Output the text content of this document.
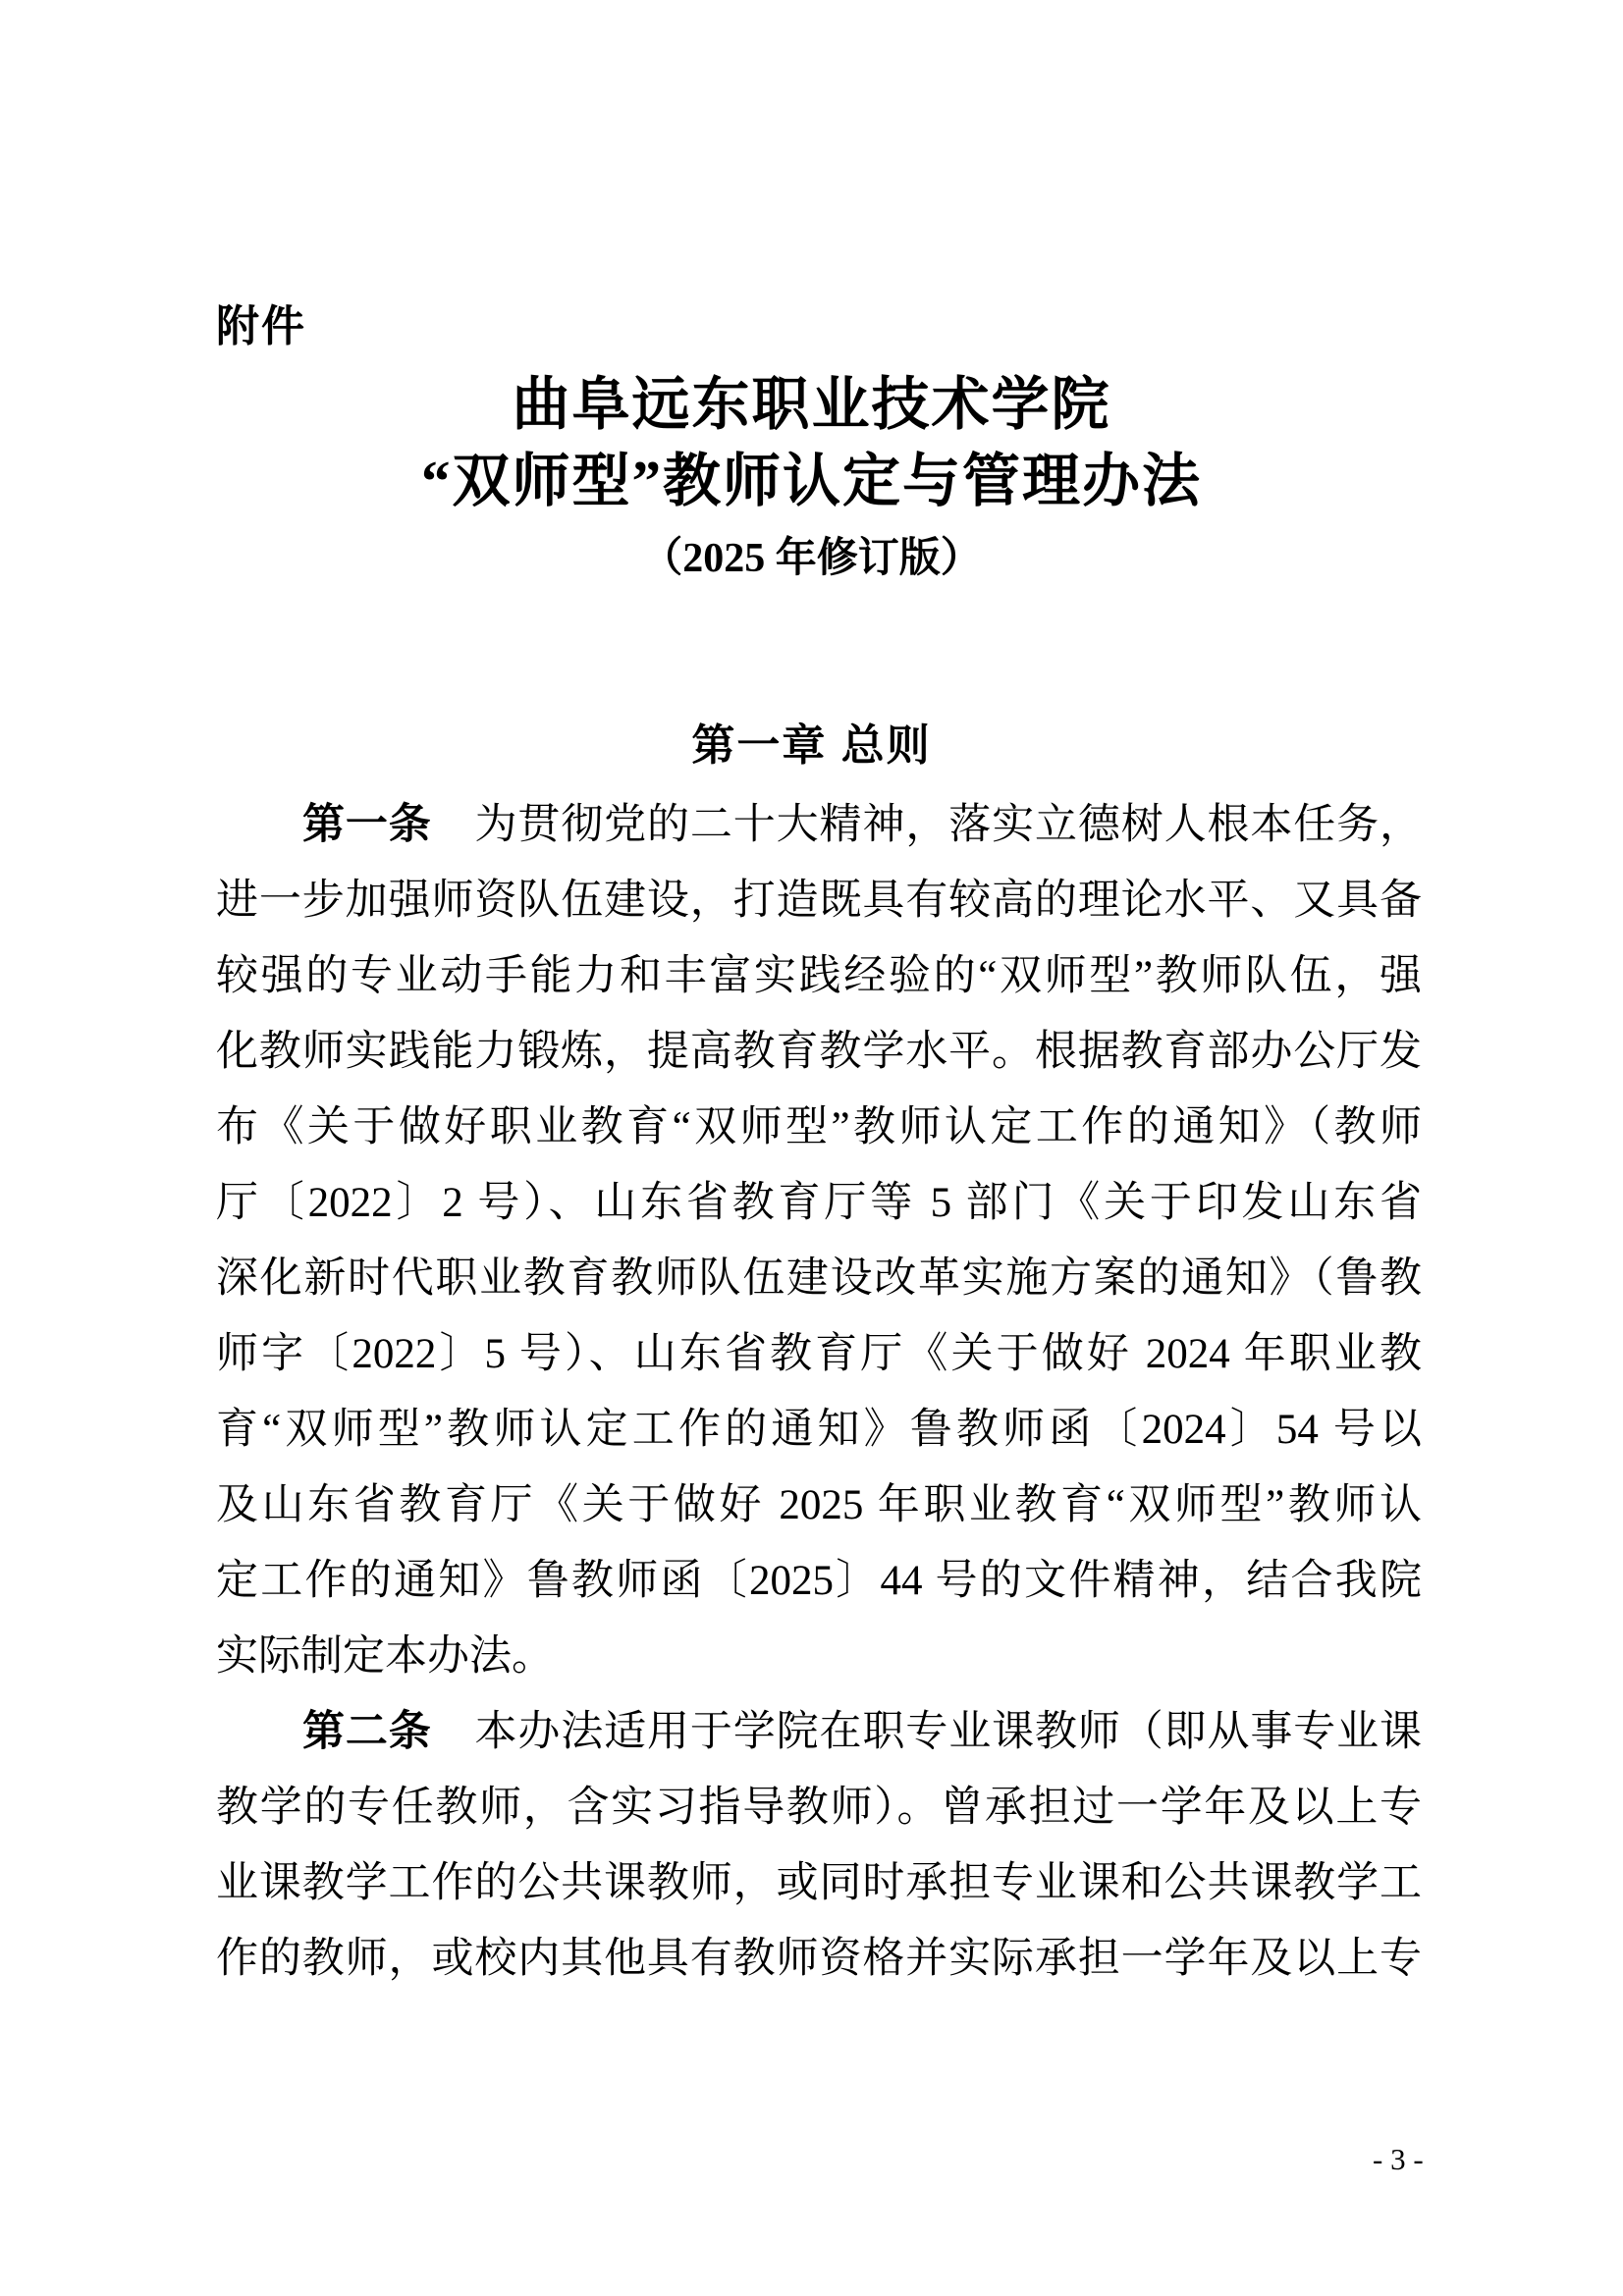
附件
曲阜远东职业技术学院
“双师型”教师认定与管理办法
（2025 年修订版）
第一章 总则
第一条　为贯彻党的二十大精神，落实立德树人根本任务，
进一步加强师资队伍建设，打造既具有较高的理论水平、又具备
较强的专业动手能力和丰富实践经验的“双师型”教师队伍，强
化教师实践能力锻炼，提高教育教学水平。根据教育部办公厅发
布《关于做好职业教育“双师型”教师认定工作的通知》（教师
厅〔2022〕2 号）、山东省教育厅等 5 部门《关于印发山东省
深化新时代职业教育教师队伍建设改革实施方案的通知》（鲁教
师字〔2022〕5 号）、山东省教育厅《关于做好 2024 年职业教
育“双师型”教师认定工作的通知》鲁教师函〔2024〕54 号以
及山东省教育厅《关于做好 2025 年职业教育“双师型”教师认
定工作的通知》鲁教师函〔2025〕44 号的文件精神，结合我院
实际制定本办法。
第二条　本办法适用于学院在职专业课教师（即从事专业课
教学的专任教师，含实习指导教师）。曾承担过一学年及以上专
业课教学工作的公共课教师，或同时承担专业课和公共课教学工
作的教师，或校内其他具有教师资格并实际承担一学年及以上专
- 3 -
